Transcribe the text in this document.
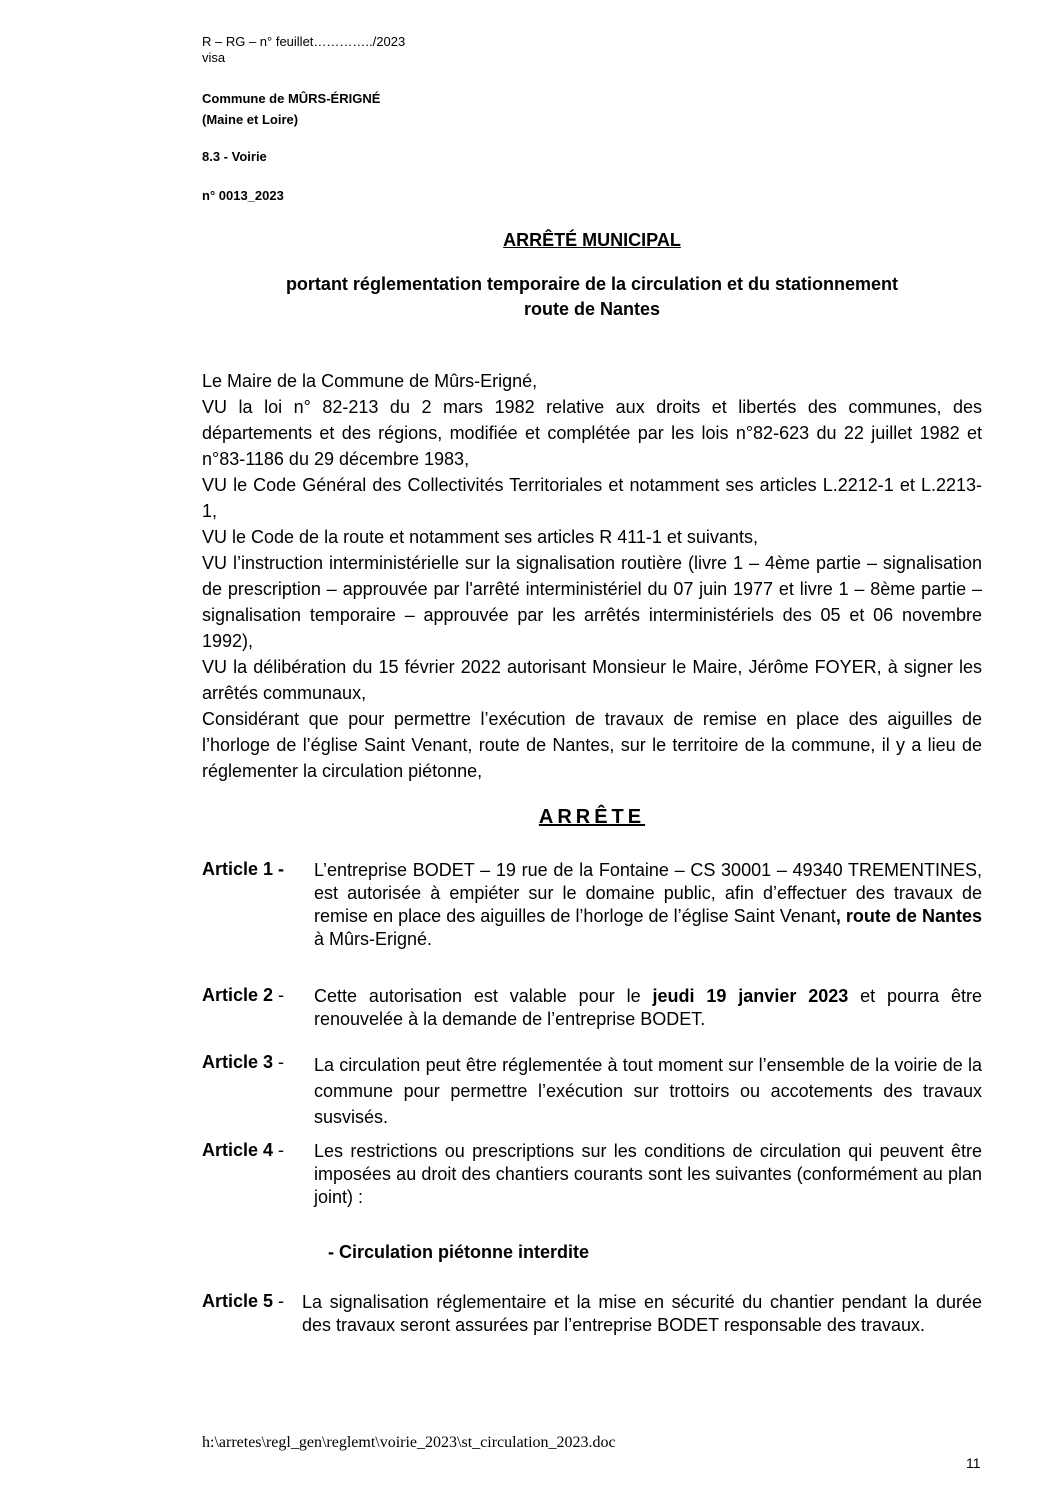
R – RG – n° feuillet…………../2023
visa
Commune de MÛRS-ÉRIGNÉ
(Maine et Loire)
8.3 - Voirie
n° 0013_2023
ARRÊTÉ MUNICIPAL
portant réglementation temporaire de la circulation et du stationnement
route de Nantes

Le Maire de la Commune de Mûrs-Erigné,

VU la loi n° 82-213 du 2 mars 1982 relative aux droits et libertés des communes, des départements et des régions, modifiée et complétée par les lois n°82-623 du 22 juillet 1982 et n°83-1186 du 29 décembre 1983,

VU le Code Général des Collectivités Territoriales et notamment ses articles L.2212-1 et L.2213-1,

VU le Code de la route et notamment ses articles R 411-1 et suivants,

VU l’instruction interministérielle sur la signalisation routière (livre 1 – 4ème partie – signalisation de prescription – approuvée par l'arrêté interministériel du 07 juin 1977 et livre 1 – 8ème partie – signalisation temporaire – approuvée par les arrêtés interministériels des 05 et 06 novembre 1992),

VU la délibération du 15 février 2022 autorisant Monsieur le Maire, Jérôme FOYER, à signer les arrêtés communaux,

Considérant que pour permettre l’exécution de travaux de remise en place des aiguilles de l’horloge de l’église Saint Venant, route de Nantes, sur le territoire de la commune, il y a lieu de réglementer la circulation piétonne,

ARRÊTE
Article 1 - L’entreprise BODET – 19 rue de la Fontaine – CS 30001 – 49340 TREMENTINES, est autorisée à empiéter sur le domaine public, afin d’effectuer des travaux de remise en place des aiguilles de l’horloge de l’église Saint Venant, route de Nantes à Mûrs-Erigné.
Article 2 - Cette autorisation est valable pour le jeudi 19 janvier 2023 et pourra être renouvelée à la demande de l’entreprise BODET.
Article 3 - La circulation peut être réglementée à tout moment sur l’ensemble de la voirie de la commune pour permettre l’exécution sur trottoirs ou accotements des travaux susvisés.
Article 4 - Les restrictions ou prescriptions sur les conditions de circulation qui peuvent être imposées au droit des chantiers courants sont les suivantes (conformément au plan joint) :
- Circulation piétonne interdite
Article 5 - La signalisation réglementaire et la mise en sécurité du chantier pendant la durée des travaux seront assurées par l’entreprise BODET responsable des travaux.
h:\arretes\regl_gen\reglemt\voirie_2023\st_circulation_2023.doc
11
